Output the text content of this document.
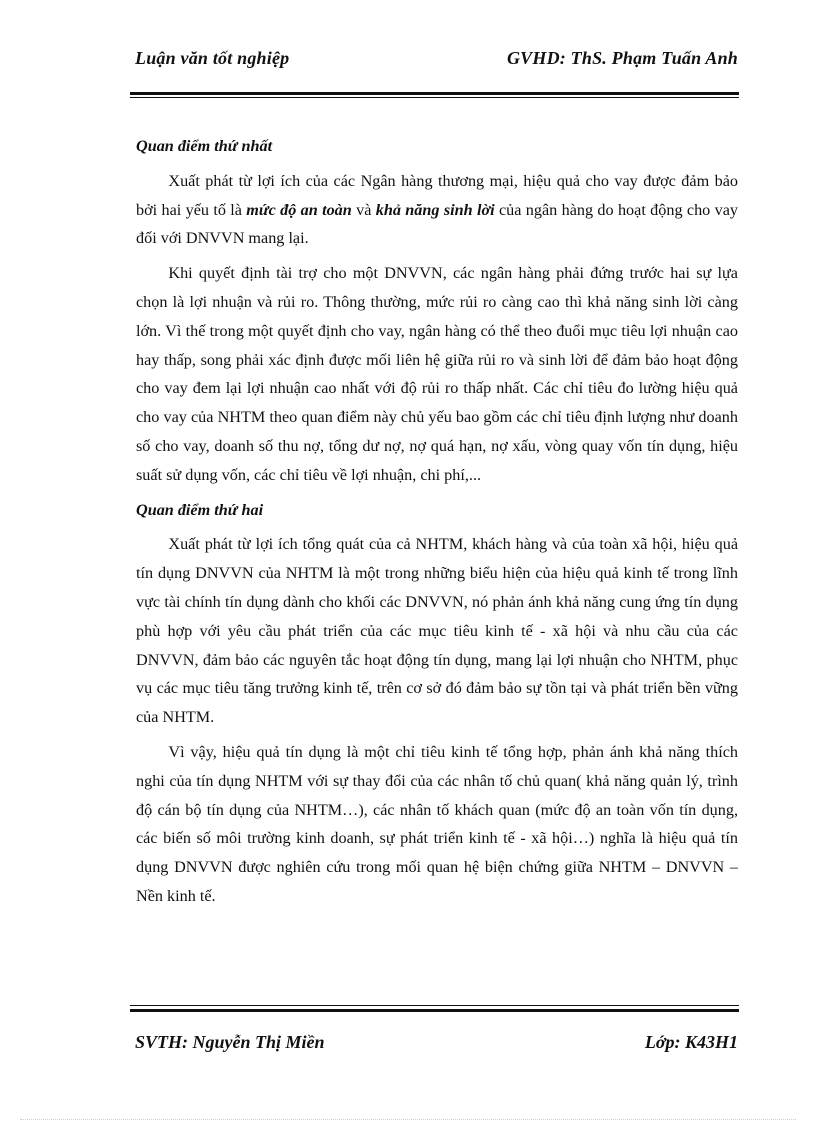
Luận văn tốt nghiệp	GVHD: ThS. Phạm Tuấn Anh

Quan điểm thứ nhất

  Xuất phát từ lợi ích của các Ngân hàng thương mại, hiệu quả cho vay được đảm bảo bởi hai yếu tố là mức độ an toàn và khả năng sinh lời của ngân hàng do hoạt động cho vay đối với DNVVN mang lại.

  Khi quyết định tài trợ cho một DNVVN, các ngân hàng phải đứng trước hai sự lựa chọn là lợi nhuận và rủi ro. Thông thường, mức rủi ro càng cao thì khả năng sinh lời càng lớn. Vì thế trong một quyết định cho vay, ngân hàng có thể theo đuổi mục tiêu lợi nhuận cao hay thấp, song phải xác định được mối liên hệ giữa rủi ro và sinh lời để đảm bảo hoạt động cho vay đem lại lợi nhuận cao nhất với độ rủi ro thấp nhất. Các chỉ tiêu đo lường hiệu quả cho vay của NHTM theo quan điểm này chủ yếu bao gồm các chỉ tiêu định lượng như doanh số cho vay, doanh số thu nợ, tổng dư nợ, nợ quá hạn, nợ xấu, vòng quay vốn tín dụng, hiệu suất sử dụng vốn, các chỉ tiêu về lợi nhuận, chi phí,...

Quan điểm thứ hai

  Xuất phát từ lợi ích tổng quát của cả NHTM, khách hàng và của toàn xã hội, hiệu quả tín dụng DNVVN của NHTM là một trong những biểu hiện của hiệu quả kinh tế trong lĩnh vực tài chính tín dụng dành cho khối các DNVVN, nó phản ánh khả năng cung ứng tín dụng phù hợp với yêu cầu phát triển của các mục tiêu kinh tế - xã hội và nhu cầu của các DNVVN, đảm bảo các nguyên tắc hoạt động tín dụng, mang lại lợi nhuận cho NHTM, phục vụ các mục tiêu tăng trưởng kinh tế, trên cơ sở đó đảm bảo sự tồn tại và phát triển bền vững của NHTM.

  Vì vậy, hiệu quả tín dụng là một chỉ tiêu kinh tế tổng hợp, phản ánh khả năng thích nghi của tín dụng NHTM với sự thay đổi của các nhân tố chủ quan( khả năng quản lý, trình độ cán bộ tín dụng của NHTM…), các nhân tố khách quan (mức độ an toàn vốn tín dụng, các biến số môi trường kinh doanh, sự phát triển kinh tế - xã hội…) nghĩa là hiệu quả tín dụng DNVVN được nghiên cứu trong mối quan hệ biện chứng giữa NHTM – DNVVN – Nền kinh tế.

SVTH: Nguyễn Thị Miền	Lớp: K43H1
